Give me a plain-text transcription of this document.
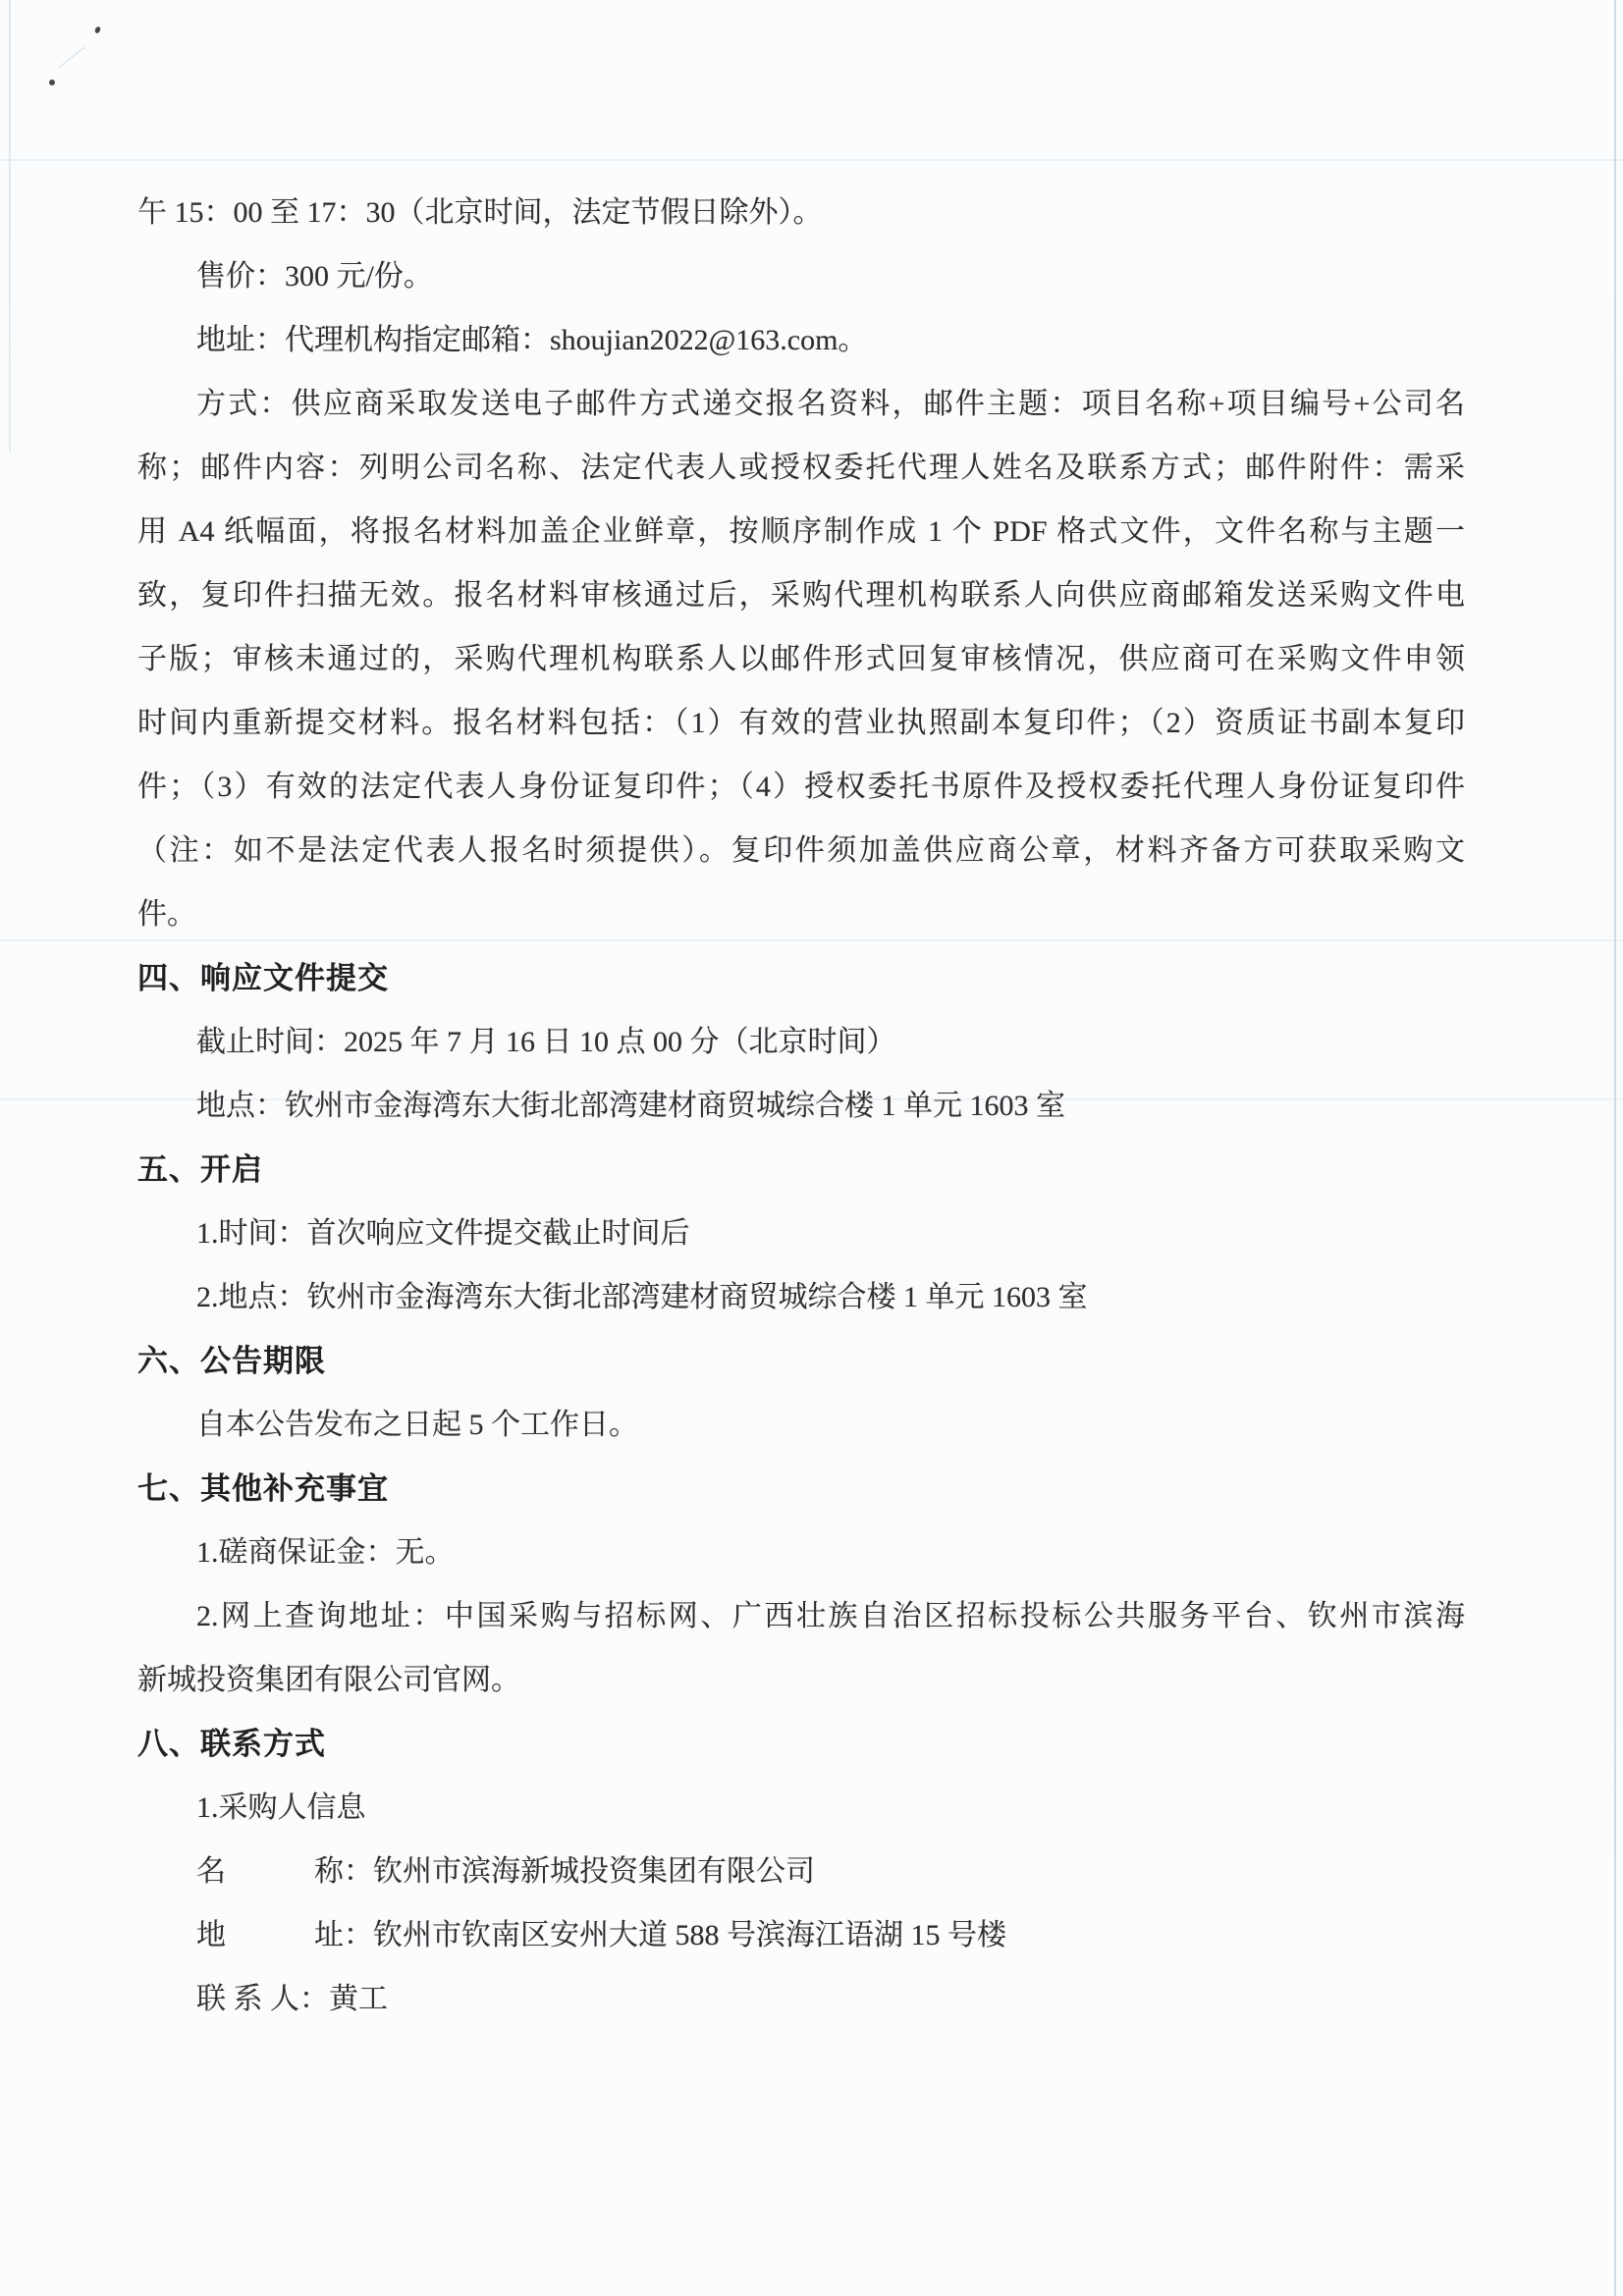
午 15：00 至 17：30（北京时间，法定节假日除外）。
售价：300 元/份。
地址：代理机构指定邮箱：shoujian2022@163.com。
方式：供应商采取发送电子邮件方式递交报名资料，邮件主题：项目名称+项目编号+公司名
称；邮件内容：列明公司名称、法定代表人或授权委托代理人姓名及联系方式；邮件附件：需采
用 A4 纸幅面，将报名材料加盖企业鲜章，按顺序制作成 1 个 PDF 格式文件，文件名称与主题一
致，复印件扫描无效。报名材料审核通过后，采购代理机构联系人向供应商邮箱发送采购文件电
子版；审核未通过的，采购代理机构联系人以邮件形式回复审核情况，供应商可在采购文件申领
时间内重新提交材料。报名材料包括：（1）有效的营业执照副本复印件；（2）资质证书副本复印
件；（3）有效的法定代表人身份证复印件；（4）授权委托书原件及授权委托代理人身份证复印件
（注：如不是法定代表人报名时须提供）。复印件须加盖供应商公章，材料齐备方可获取采购文
件。
四、响应文件提交
截止时间：2025 年 7 月 16 日 10 点 00 分（北京时间）
地点：钦州市金海湾东大街北部湾建材商贸城综合楼 1 单元 1603 室
五、开启
1.时间：首次响应文件提交截止时间后
2.地点：钦州市金海湾东大街北部湾建材商贸城综合楼 1 单元 1603 室
六、公告期限
自本公告发布之日起 5 个工作日。
七、其他补充事宜
1.磋商保证金：无。
2.网上查询地址：中国采购与招标网、广西壮族自治区招标投标公共服务平台、钦州市滨海
新城投资集团有限公司官网。
八、联系方式
1.采购人信息
名　　　称：钦州市滨海新城投资集团有限公司
地　　　址：钦州市钦南区安州大道 588 号滨海江语湖 15 号楼
联 系 人：黄工
